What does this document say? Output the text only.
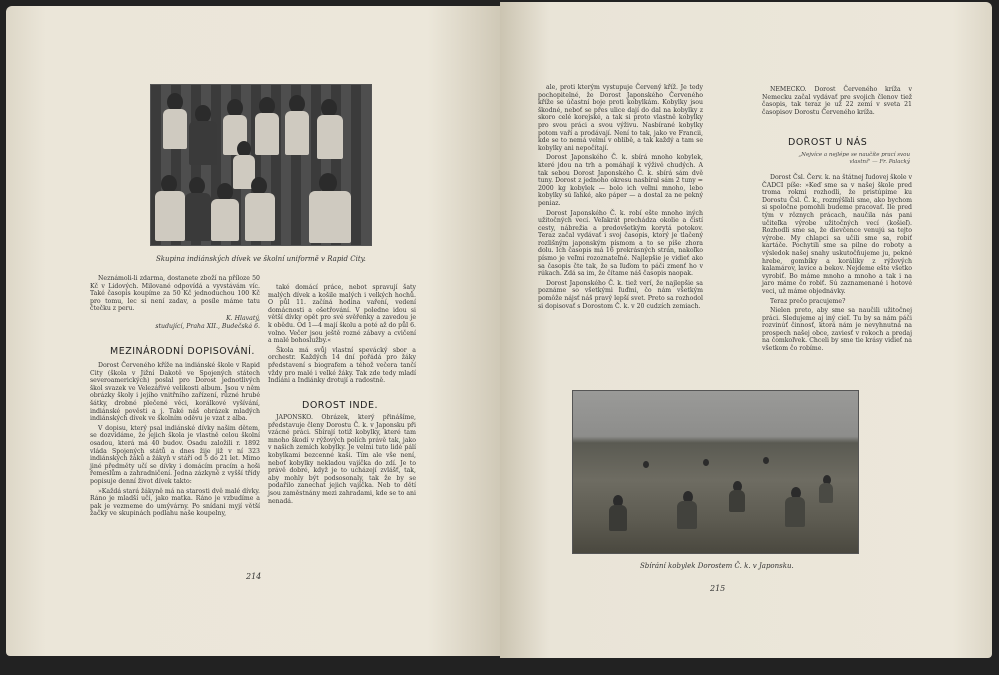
Skupina indiánských dívek ve školní uniformě v Rapid City.

Neznámoli-li zdarma, dostanete zboží na příloze 50 Kč v Lidových. Milované odpovídá a vyvstávám víc. Také časopis koupíme za 50 Kč jednoduchou 100 Kč pro tomu, lec si není zadav, a posíle máme tatu čtečku z peru.

K. Hlavatý,

studující, Praha XII., Budečská 6.

MEZINÁRODNÍ DOPISOVÁNÍ.

Dorost Červeného kříže na indiánské škole v Rapid City (škola v Jižní Dakotě ve Spojených státech severoamerických) poslal pro Dorost jednotlivých škol svazek ve Velezářivé velikosti album. Jsou v něm obrázky školy i jejího vnitřního zařízení, různé hrubé šátky, drobné plečené věci, korálkové vyšívání, indiánské pověsti a j. Také náš obrázek mladých indiánských dívek ve školním oděvu je vzat z alba.

V dopisu, který psal indiánské dívky našim dětem, se dozvídáme, že jejich škola je vlastně celou školní osadou, která má 40 budov. Osadu založili r. 1892 vláda Spojených států a dnes žije již v ní 323 indiánských žáků a žákyň v stáří od 5 do 21 let. Mimo jiné předměty učí se dívky i domácím pracím a hoši řemeslům a zahradničení. Jedna zázkyně z vyšší třídy popisuje denní život dívek takto:

»Každá stará žákyně má na starosti dvě malé dívky. Ráno je mladší učí, jako matka. Ráno je vzbudíme a pak je vezmeme do umývárny. Po snídani myjí větší žačky ve skupinách podlahu naše koupelny,

také domácí práce, nebot spravují šaty malých dívek a košile malých i velkých hochů. O půl 11. začíná hodina vaření, vedení domácnosti a ošetřování. V poledne idou si větší dívky opět pro své svěřenky a zavedou je k obědu. Od 1—4 mají školu a poté až do půl 6. volno. Večer jsou ještě rozné zábavy a cvičení a malé bohoslužby.«

Škola má svůj vlastní spevácký sbor a orchestr. Každých 14 dní pořádá pro žáky představení s biografem a téhož večera tančí vždy pro malé i velké žáky. Tak zde tedy mladí Indiáni a Indiánky drotují a radostně.

DOROST INDE.

JAPONSKO. Obrázek, který přinášíme, představuje členy Dorostu Č. k. v Japonsku při vzácné práci. Sbírají totiž kobylky, které tam mnoho škodí v rýžových polích právě tak, jako v našich zemích kobylky. Je velmi tuto lidé pálí kobylkami bezcenné kaši. Tím ale vše není, neboť kobylky nekladou vajíčka do zdí. Je to právě dobré, když je to ucházejí zvlášť, tak, aby mohly být podsosonaly, tak že by se podařilo zanechat jejich vajíčka. Neb to dětí jsou zaměstnány mezi zahradami, kde se to ani nenadá.

214

ale, proti kterým vystupuje Červený kříž. Je tedy pochopitelné, že Dorost Japonského Červeného kříže se účastní boje proti kobylkám. Kobylky jsou škodné, neboť se přes ulice dají do dal na kobylky z skoro celé korejské, a tak si proto vlastně kobylky pro svou práci a svou výživu. Nasbírané kobylky potom vaří a prodávají. Není to tak, jako ve Francii, kde se to nemá velmi v oblibě, a tak každý a tam se kobylky ani nepočítají.

Dorost Japonského Č. k. sbírá mnoho kobylek, které jdou na trh a pomáhají k výživě chudých. A tak sebou Dorost Japonského Č. k. sbírá sám dvě tuny. Dorost z jednoho okresu nasbíral sám 2 tuny = 2000 kg kobylek — bolo ich veľmi mnoho, lebo kobylky sú ľahké, ako páper — a dostal za ne pekný peniaz.

Dorost Japonského Č. k. robí ešte mnoho iných užitočných vecí. Veľakrát prechádza okolie a čistí cesty, nábrežia a predovšetkým korytá potokov. Teraz začal vydávať i svoj časopis, ktorý je tlačený rozlišným japonským písmom a to se píše zhora dolu. Ich časopis má 16 prekrásných strán, nakoľko písmo je veľmi rozoznateľné. Najlepšie je vidieť ako sa časopis čte tak, že sa ľuďom to páči zmenť ho v rúkach. Zdá sa im, že čítame náš časopis naopak.

Dorost Japonského Č. k. tiež verí, že najlepšie sa poznáme so všetkými ľuďmi, čo nám všetkým pomôže nájsť náš pravý lepší svet. Preto sa rozhodol si dopisovať s Dorostom Č. k. v 20 cudzích zemiach.

NEMECKO. Dorost Červeného kríža v Nemecku začal vydávať pre svojich členov tiež časopis, tak teraz je už 22 zemí v sveta 21 časopisov Dorostu Červeného kríža.

DOROST U NÁS
„Nejvíce a nejlépe se naučíte prací svou vlastní" — Fr. Palacký

Dorost Čsl. Červ. k. na štátnej ľudovej škole v ČADCI píše: »Keď sme sa v našej škole pred troma rokmi rozhodli, že pristúpime ku Dorostu Čsl. Č. k., rozmýšľali sme, ako bychom si spoločne pomohli budeme pracovať. Ile pred tým v rôznych prácach, naučila nás pani učiteľka výrobe užitočných vecí (košieľ). Rozhodli sme sa, že dievčence venujú sa tejto výrobe. My chlapci sa učili sme sa, robiť kartáče. Pochytili sme sa pilne do roboty a výsledok našej snahy uskutočňujeme ju, pekné hrebe, gombíky a koráliky z rýžových kalamárov, lavice a bekov. Nejdeme ešte všetko vyrobiť. Bo máme mnoho a mnoho a tak i na jaro máme čo robiť. Sú zaznamenané i hotové veci, už máme objednávky.

Teraz prečo pracujeme?

Nielen preto, aby sme sa naučili užitočnej práci. Sledujeme aj iný cieľ. Tu by sa nám páči rozvinúť činnosť, ktorá nám je nevyhnutná na prospech našej obce, zaviesť v rokoch a predaj na čomkoľvek. Chceli by sme tie krásy vidieť na všetkom čo robíme.

Sbírání kobylek Dorostem Č. k. v Japonsku.
215
